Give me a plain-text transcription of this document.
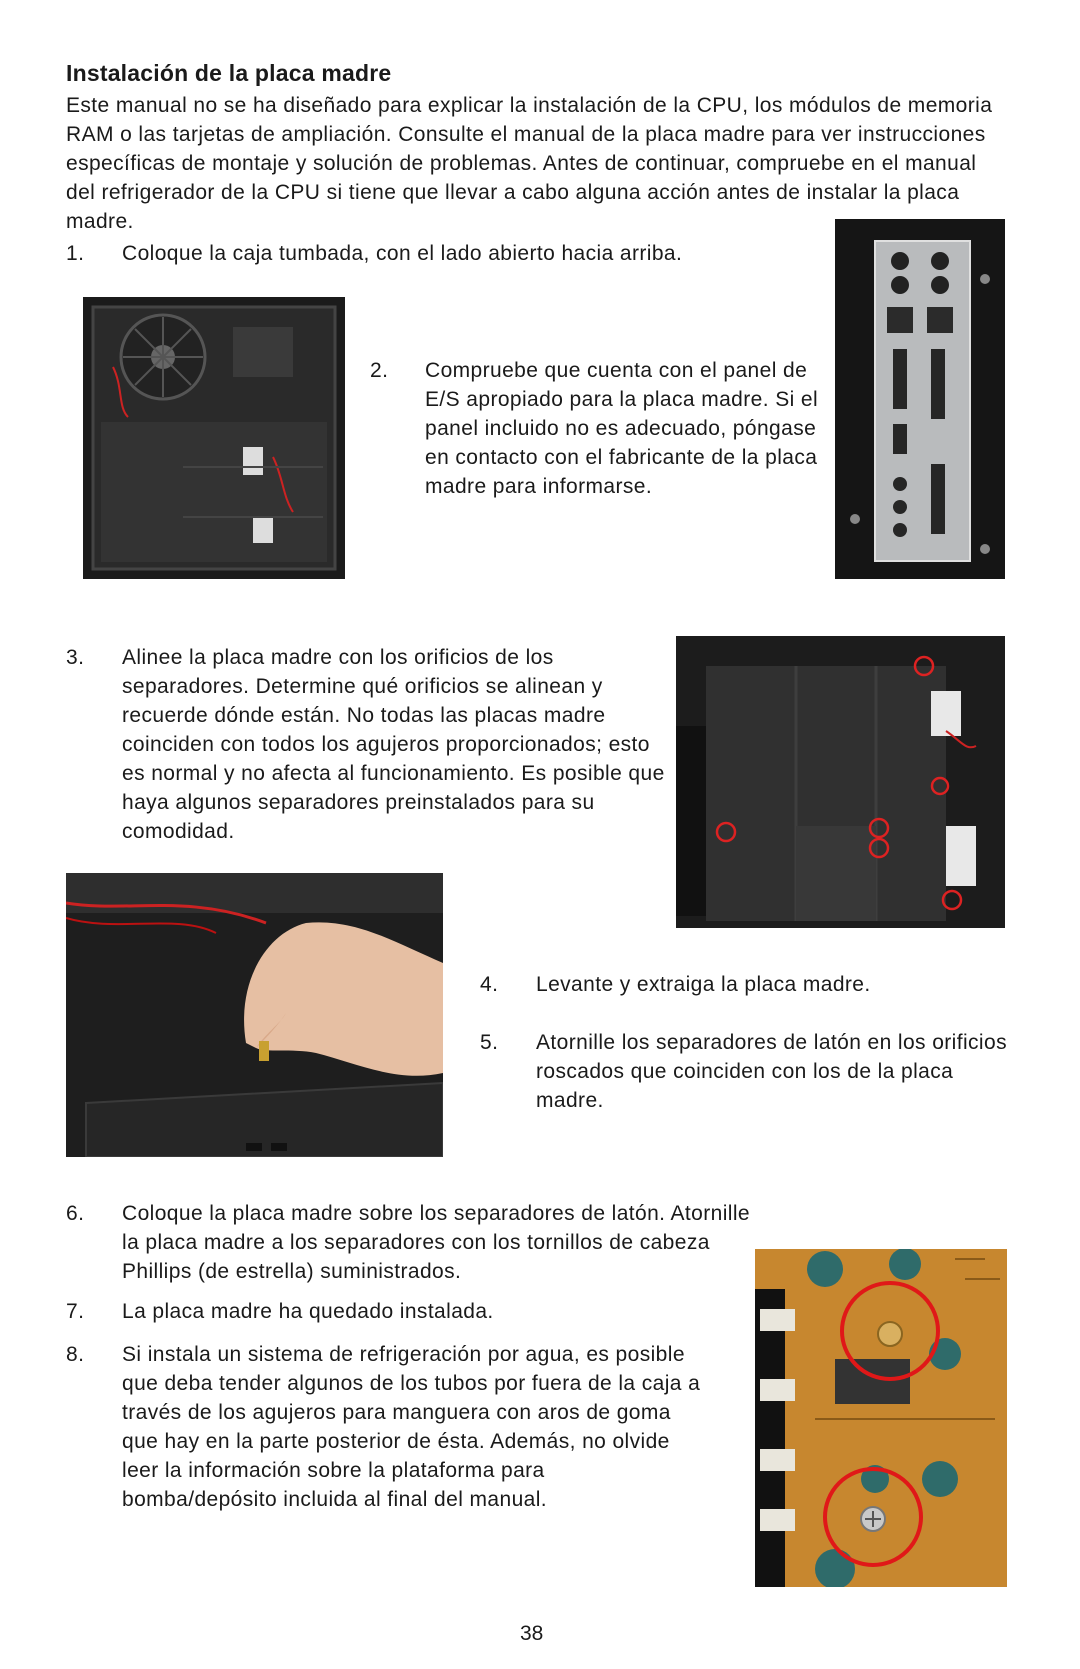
Instalación de la placa madre
Este manual no se ha diseñado para explicar la instalación de la CPU, los módulos de memoria RAM o las tarjetas de ampliación. Consulte el manual de la placa madre para ver instrucciones específicas de montaje y solución de problemas. Antes de continuar, compruebe en el manual del refrigerador de la CPU si tiene que llevar a cabo alguna acción antes de instalar la placa madre.
1. Coloque la caja tumbada, con el lado abierto hacia arriba.
2. Compruebe que cuenta con el panel de E/S apropiado para la placa madre. Si el panel incluido no es adecuado, póngase en contacto con el fabricante de la placa madre para informarse.
3. Alinee la placa madre con los orificios de los separadores. Determine qué orificios se alinean y recuerde dónde están. No todas las placas madre coinciden con todos los agujeros proporcionados; esto es normal y no afecta al funcionamiento. Es posible que haya algunos separadores preinstalados para su comodidad.
4. Levante y extraiga la placa madre.
5. Atornille los separadores de latón en los orificios roscados que coinciden con los de la placa madre.
6. Coloque la placa madre sobre los separadores de latón. Atornille la placa madre a los separadores con los tornillos de cabeza Phillips (de estrella) suministrados.
7. La placa madre ha quedado instalada.
8. Si instala un sistema de refrigeración por agua, es posible que deba tender algunos de los tubos por fuera de la caja a través de los agujeros para manguera con aros de goma que hay en la parte posterior de ésta. Además, no olvide leer la información sobre la plataforma para bomba/depósito incluida al final del manual.
38
